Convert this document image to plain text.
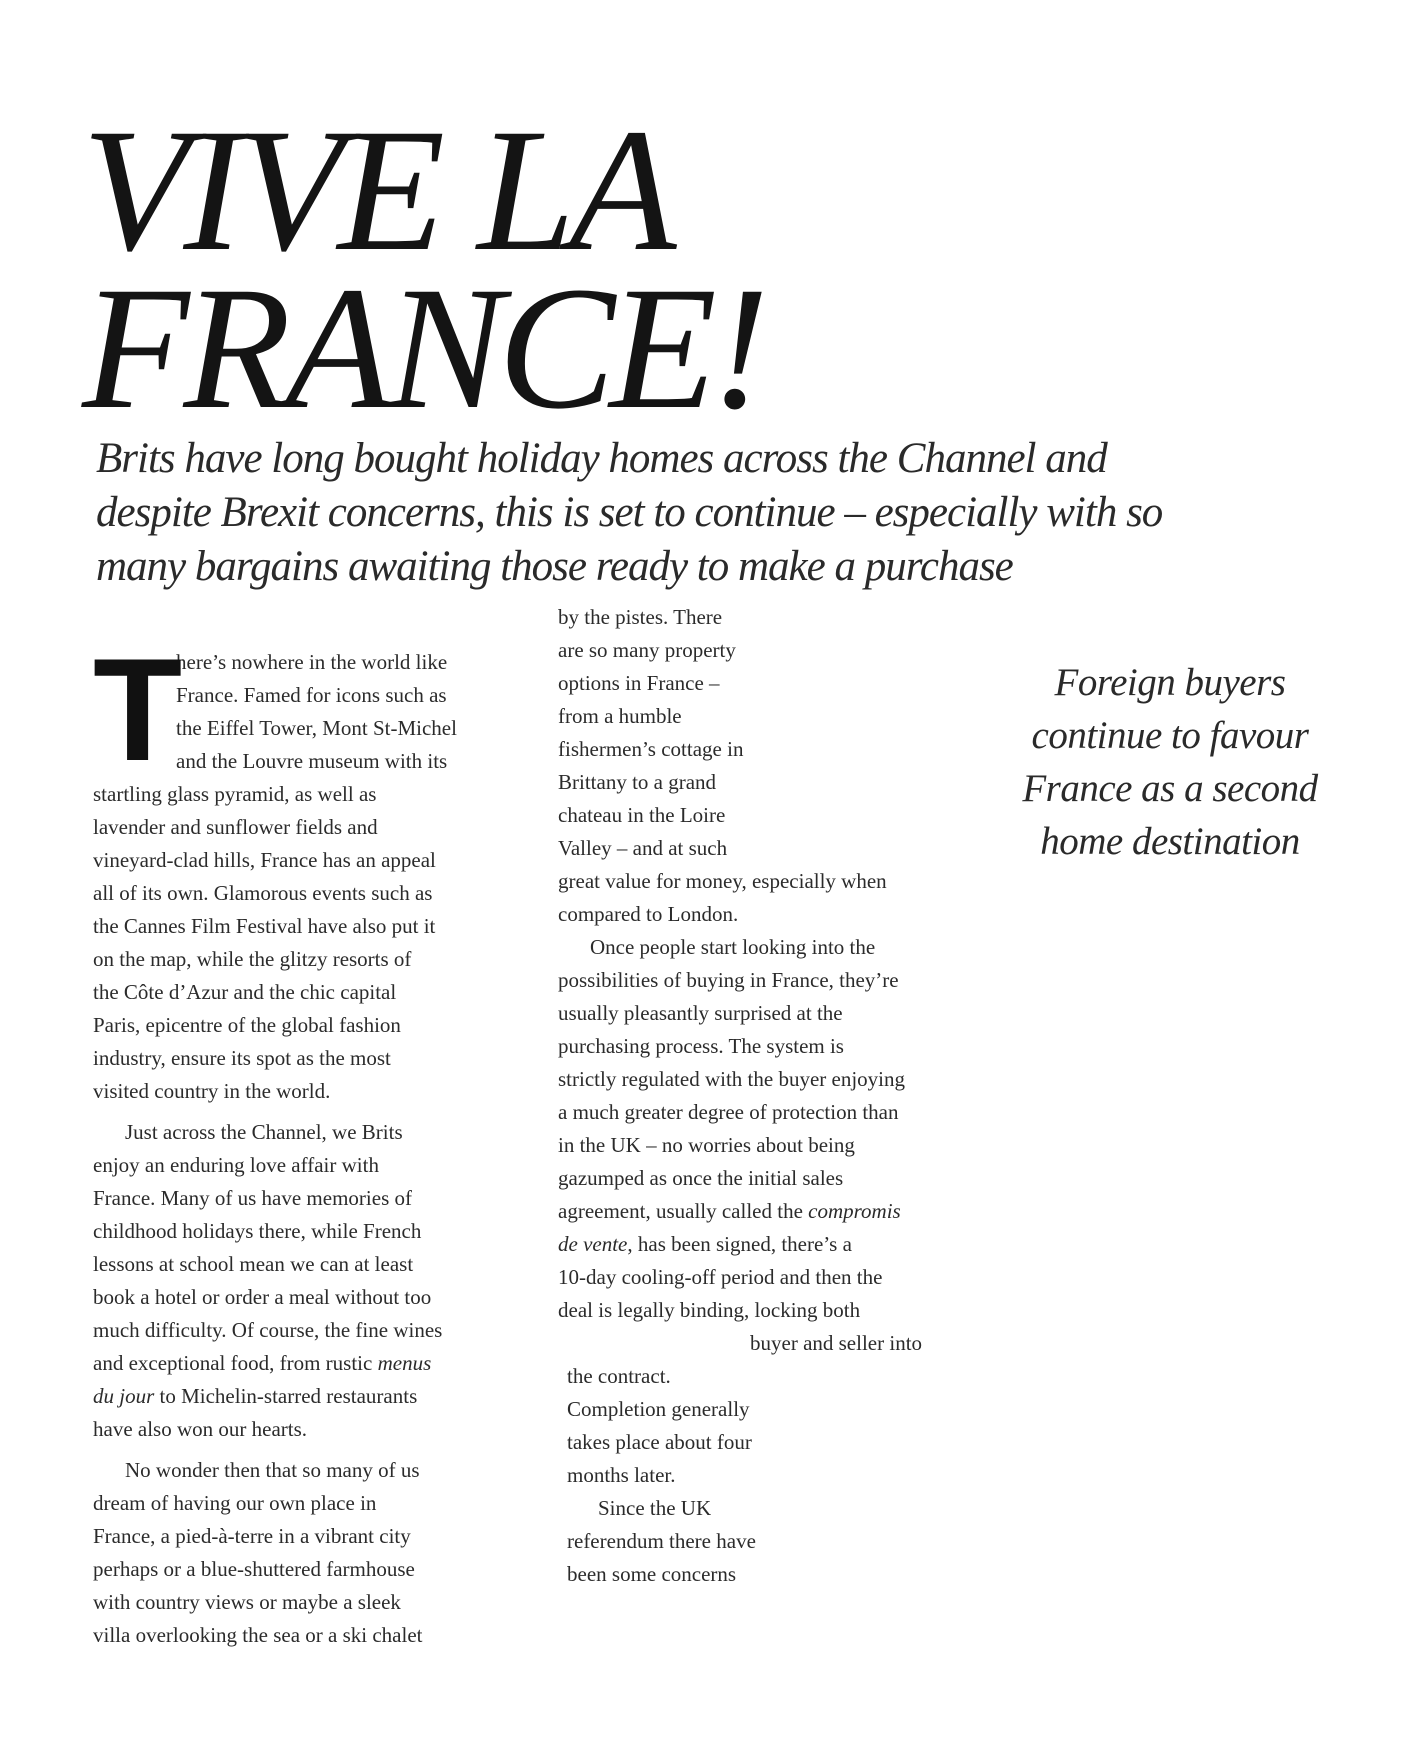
VIVE LA
FRANCE!

Brits have long bought holiday homes across the Channel and
despite Brexit concerns, this is set to continue – especially with so
many bargains awaiting those ready to make a purchase

T
here’s nowhere in the world like
France. Famed for icons such as
the Eiffel Tower, Mont St-Michel
and the Louvre museum with its
startling glass pyramid, as well as
lavender and sunflower fields and
vineyard-clad hills, France has an appeal
all of its own. Glamorous events such as
the Cannes Film Festival have also put it
on the map, while the glitzy resorts of
the Côte d’Azur and the chic capital
Paris, epicentre of the global fashion
industry, ensure its spot as the most
visited country in the world.
Just across the Channel, we Brits
enjoy an enduring love affair with
France. Many of us have memories of
childhood holidays there, while French
lessons at school mean we can at least
book a hotel or order a meal without too
much difficulty. Of course, the fine wines
and exceptional food, from rustic menus
du jour to Michelin-starred restaurants
have also won our hearts.
No wonder then that so many of us
dream of having our own place in
France, a pied-à-terre in a vibrant city
perhaps or a blue-shuttered farmhouse
with country views or maybe a sleek
villa overlooking the sea or a ski chalet
by the pistes. There
are so many property
options in France –
from a humble
fishermen’s cottage in
Brittany to a grand
chateau in the Loire
Valley – and at such
great value for money, especially when
compared to London.
Once people start looking into the
possibilities of buying in France, they’re
usually pleasantly surprised at the
purchasing process. The system is
strictly regulated with the buyer enjoying
a much greater degree of protection than
in the UK – no worries about being
gazumped as once the initial sales
agreement, usually called the compromis
de vente, has been signed, there’s a
10-day cooling-off period and then the
deal is legally binding, locking both
buyer and seller into
the contract.
Completion generally
takes place about four
months later.
Since the UK
referendum there have
been some concerns
Foreign buyers
continue to favour
France as a second
home destination
